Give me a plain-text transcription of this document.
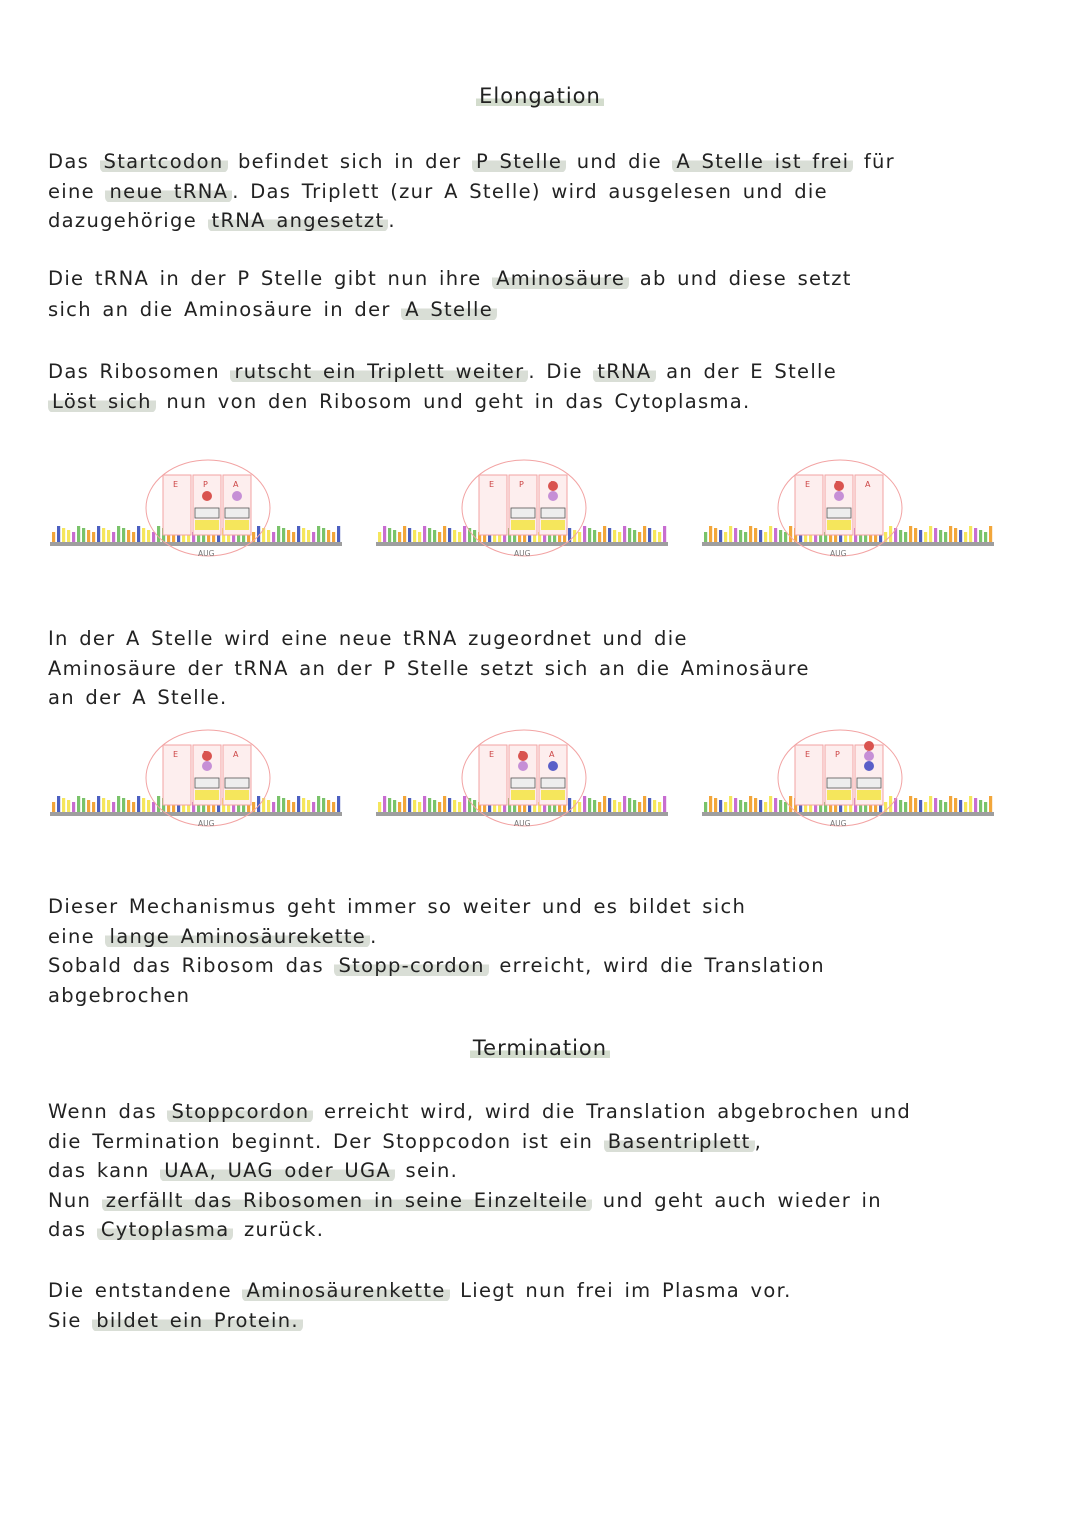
Elongation
Das Startcodon befindet sich in der P Stelle und die A Stelle ist frei für
eine neue tRNA . Das Triplett (zur A Stelle) wird ausgelesen und die
dazugehörige tRNA angesetzt .
Die tRNA in der P Stelle gibt nun ihre Aminosäure ab und diese setzt
sich an die Aminosäure in der A Stelle
Das Ribosomen rutscht ein Triplett weiter . Die tRNA an der E Stelle
Löst sich nun von den Ribosom und geht in das Cytoplasma.
E	P	A
AUG
E	P
AUG
E	A
AUG
In der A Stelle wird eine neue tRNA zugeordnet und die
Aminosäure der tRNA an der P Stelle setzt sich an die Aminosäure
an der A Stelle.
E	A
AUG
E	A
AUG
E	P
AUG
Dieser Mechanismus geht immer so weiter und es bildet sich
eine lange Aminosäurekette .
Sobald das Ribosom das Stopp-cordon erreicht, wird die Translation
abgebrochen
Termination
Wenn das Stoppcordon erreicht wird, wird die Translation abgebrochen und
die Termination beginnt. Der Stoppcodon ist ein Basentriplett ,
das kann UAA, UAG oder UGA sein.
Nun zerfällt das Ribosomen in seine Einzelteile und geht auch wieder in
das Cytoplasma zurück.
Die entstandene Aminosäurenkette Liegt nun frei im Plasma vor.
Sie bildet ein Protein.
